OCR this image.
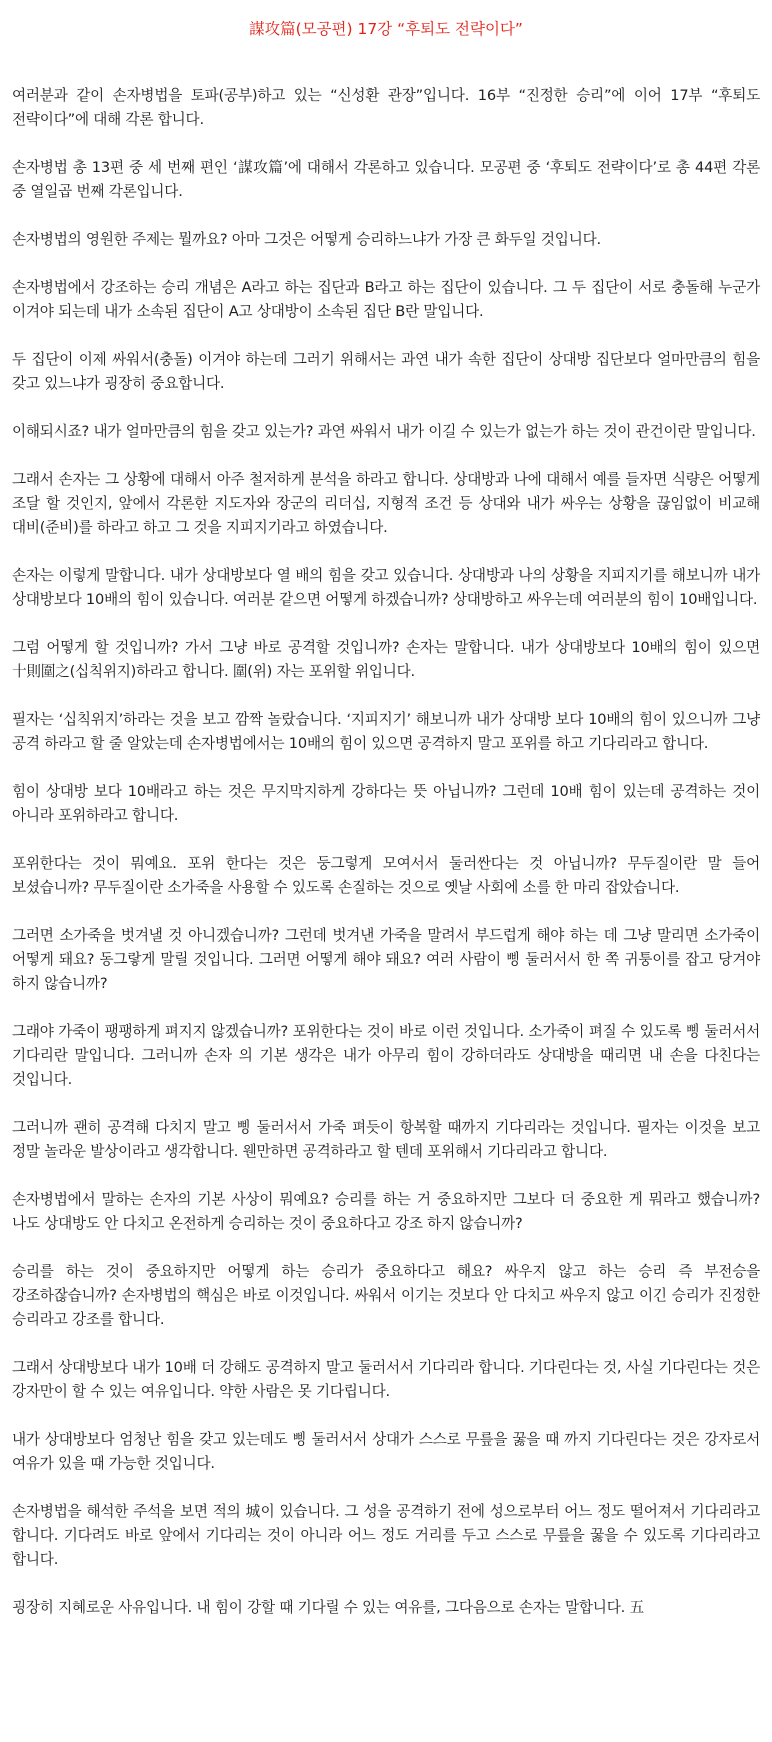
謀攻篇(모공편) 17강 “후퇴도 전략이다”

여러분과 같이 손자병법을 토파(공부)하고 있는 “신성환 관장”입니다. 16부 “진정한 승리”에 이어 17부 “후퇴도 전략이다”에 대해 각론 합니다.

손자병법 총 13편 중 세 번째 편인 ‘謀攻篇’에 대해서 각론하고 있습니다. 모공편 중 ‘후퇴도 전략이다’로 총 44편 각론 중 열일곱 번째 각론입니다.

손자병법의 영원한 주제는 뭘까요? 아마 그것은 어떻게 승리하느냐가 가장 큰 화두일 것입니다.

손자병법에서 강조하는 승리 개념은 A라고 하는 집단과 B라고 하는 집단이 있습니다. 그 두 집단이 서로 충돌해 누군가 이겨야 되는데 내가 소속된 집단이 A고 상대방이 소속된 집단 B란 말입니다.

두 집단이 이제 싸워서(충돌) 이겨야 하는데 그러기 위해서는 과연 내가 속한 집단이 상대방 집단보다 얼마만큼의 힘을 갖고 있느냐가 굉장히 중요합니다.

이해되시죠? 내가 얼마만큼의 힘을 갖고 있는가? 과연 싸워서 내가 이길 수 있는가 없는가 하는 것이 관건이란 말입니다.

그래서 손자는 그 상황에 대해서 아주 철저하게 분석을 하라고 합니다. 상대방과 나에 대해서 예를 들자면 식량은 어떻게 조달 할 것인지, 앞에서 각론한 지도자와 장군의 리더십, 지형적 조건 등 상대와 내가 싸우는 상황을 끊임없이 비교해 대비(준비)를 하라고 하고 그 것을 지피지기라고 하였습니다.

손자는 이렇게 말합니다. 내가 상대방보다 열 배의 힘을 갖고 있습니다. 상대방과 나의 상황을 지피지기를 해보니까 내가 상대방보다 10배의 힘이 있습니다. 여러분 같으면 어떻게 하겠습니까? 상대방하고 싸우는데 여러분의 힘이 10배입니다.

그럼 어떻게 할 것입니까? 가서 그냥 바로 공격할 것입니까? 손자는 말합니다. 내가 상대방보다 10배의 힘이 있으면 十則圍之(십칙위지)하라고 합니다. 圍(위) 자는 포위할 위입니다.

필자는 ‘십칙위지’하라는 것을 보고 깜짝 놀랐습니다. ‘지피지기’ 해보니까 내가 상대방 보다 10배의 힘이 있으니까 그냥 공격 하라고 할 줄 알았는데 손자병법에서는 10배의 힘이 있으면 공격하지 말고 포위를 하고 기다리라고 합니다.

힘이 상대방 보다 10배라고 하는 것은 무지막지하게 강하다는 뜻 아닙니까? 그런데 10배 힘이 있는데 공격하는 것이 아니라 포위하라고 합니다.

포위한다는 것이 뭐예요. 포위 한다는 것은 둥그렇게 모여서서 둘러싼다는 것 아닙니까? 무두질이란 말 들어 보셨습니까? 무두질이란 소가죽을 사용할 수 있도록 손질하는 것으로 옛날 사회에 소를 한 마리 잡았습니다.

그러면 소가죽을 벗겨낼 것 아니겠습니까? 그런데 벗겨낸 가죽을 말려서 부드럽게 해야 하는 데 그냥 말리면 소가죽이 어떻게 돼요? 동그랗게 말릴 것입니다. 그러면 어떻게 해야 돼요? 여러 사람이 삥 둘러서서 한 쪽 귀퉁이를 잡고 당겨야 하지 않습니까?

그래야 가죽이 팽팽하게 펴지지 않겠습니까? 포위한다는 것이 바로 이런 것입니다. 소가죽이 펴질 수 있도록 삥 둘러서서 기다리란 말입니다. 그러니까 손자 의 기본 생각은 내가 아무리 힘이 강하더라도 상대방을 때리면 내 손을 다친다는 것입니다.

그러니까 괜히 공격해 다치지 말고 삥 둘러서서 가죽 펴듯이 항복할 때까지 기다리라는 것입니다. 필자는 이것을 보고 정말 놀라운 발상이라고 생각합니다. 웬만하면 공격하라고 할 텐데 포위해서 기다리라고 합니다.

손자병법에서 말하는 손자의 기본 사상이 뭐예요? 승리를 하는 거 중요하지만 그보다 더 중요한 게 뭐라고 했습니까? 나도 상대방도 안 다치고 온전하게 승리하는 것이 중요하다고 강조 하지 않습니까?

승리를 하는 것이 중요하지만 어떻게 하는 승리가 중요하다고 해요? 싸우지 않고 하는 승리 즉 부전승을 강조하잖습니까? 손자병법의 핵심은 바로 이것입니다. 싸워서 이기는 것보다 안 다치고 싸우지 않고 이긴 승리가 진정한 승리라고 강조를 합니다.

그래서 상대방보다 내가 10배 더 강해도 공격하지 말고 둘러서서 기다리라 합니다. 기다린다는 것, 사실 기다린다는 것은 강자만이 할 수 있는 여유입니다. 약한 사람은 못 기다립니다.

내가 상대방보다 엄청난 힘을 갖고 있는데도 삥 둘러서서 상대가 스스로 무릎을 꿇을 때 까지 기다린다는 것은 강자로서 여유가 있을 때 가능한 것입니다.

손자병법을 해석한 주석을 보면 적의 城이 있습니다. 그 성을 공격하기 전에 성으로부터 어느 정도 떨어져서 기다리라고 합니다. 기다려도 바로 앞에서 기다리는 것이 아니라 어느 정도 거리를 두고 스스로 무릎을 꿇을 수 있도록 기다리라고 합니다.

굉장히 지혜로운 사유입니다. 내 힘이 강할 때 기다릴 수 있는 여유를, 그다음으로 손자는 말합니다. 五
